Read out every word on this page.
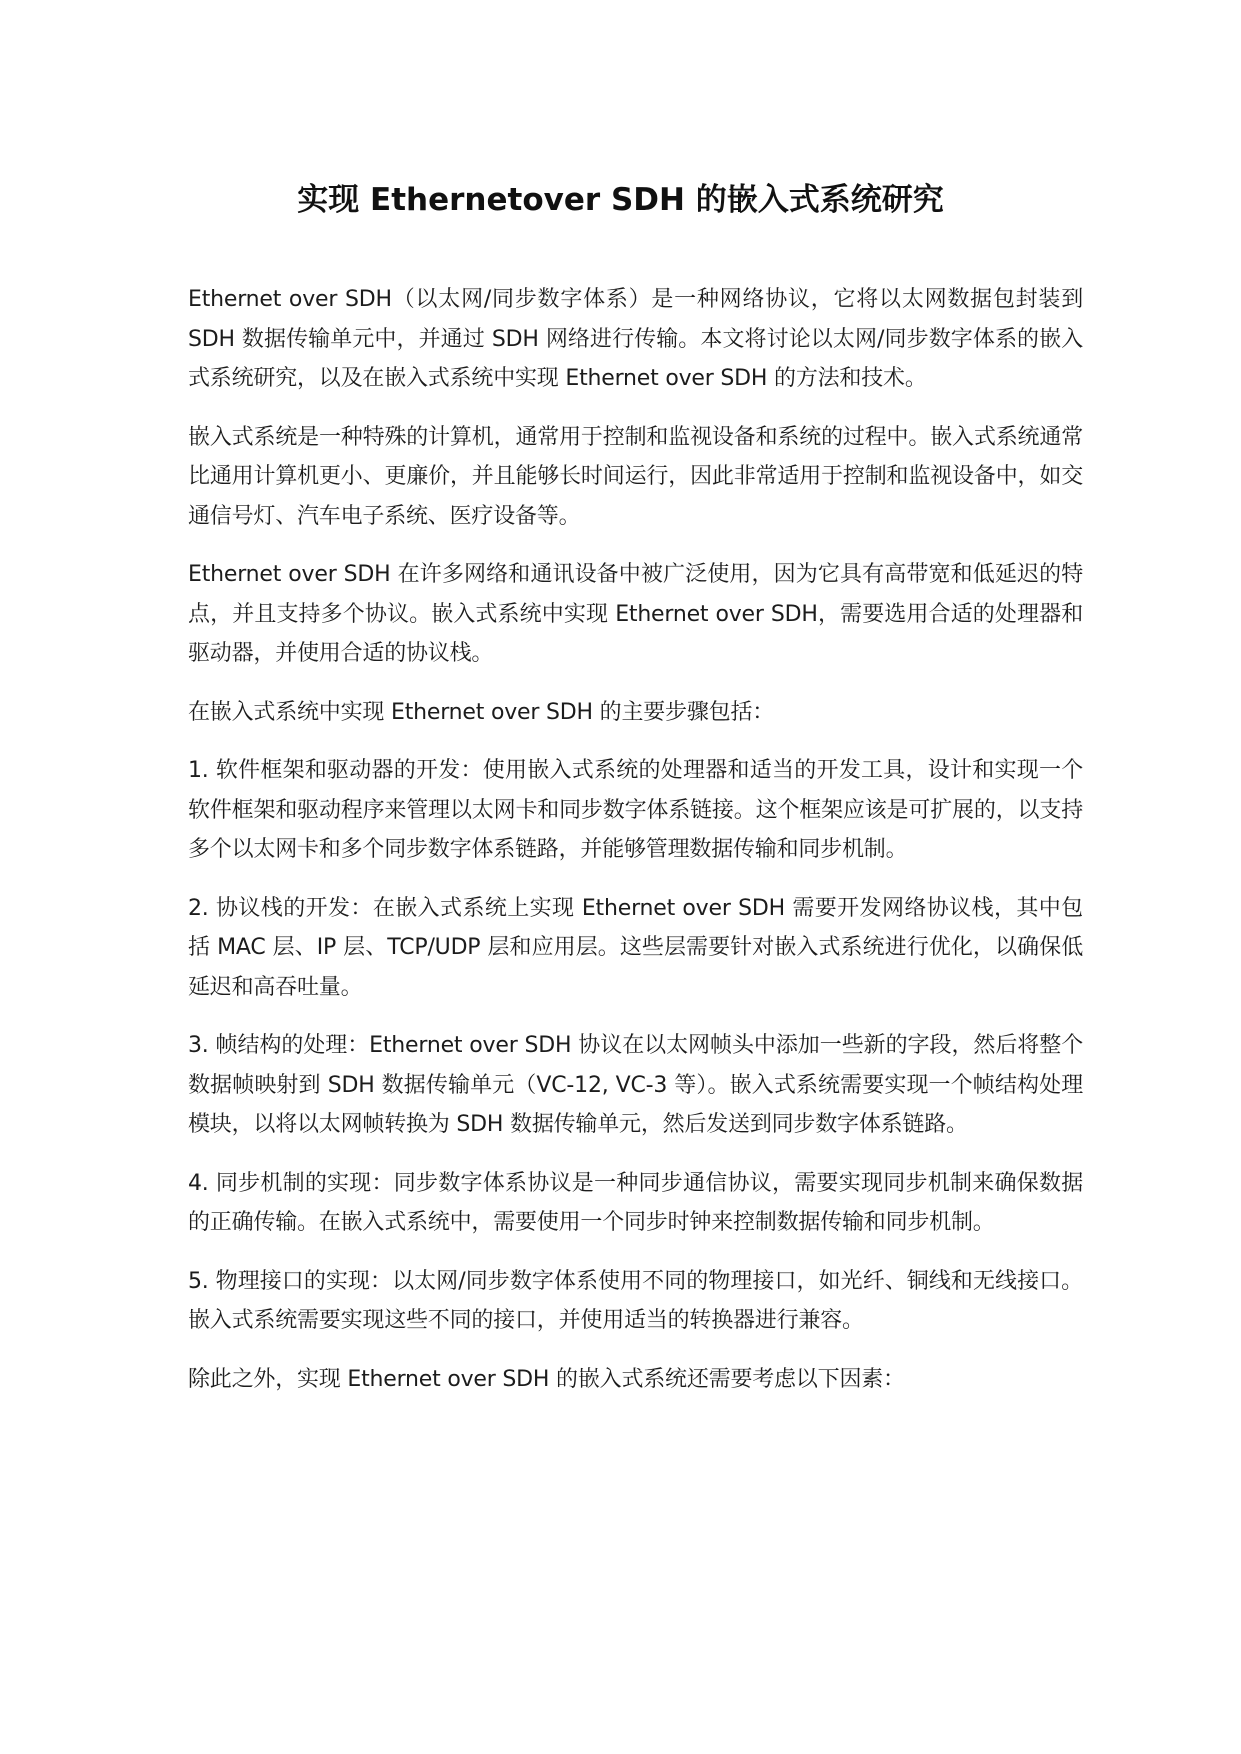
实现 Ethernetover SDH 的嵌入式系统研究

Ethernet over SDH（以太网/同步数字体系）是一种网络协议，它将以太网数据包封装到 SDH 数据传输单元中，并通过 SDH 网络进行传输。本文将讨论以太网/同步数字体系的嵌入式系统研究，以及在嵌入式系统中实现 Ethernet over SDH 的方法和技术。

嵌入式系统是一种特殊的计算机，通常用于控制和监视设备和系统的过程中。嵌入式系统通常比通用计算机更小、更廉价，并且能够长时间运行，因此非常适用于控制和监视设备中，如交通信号灯、汽车电子系统、医疗设备等。

Ethernet over SDH 在许多网络和通讯设备中被广泛使用，因为它具有高带宽和低延迟的特点，并且支持多个协议。嵌入式系统中实现 Ethernet over SDH，需要选用合适的处理器和驱动器，并使用合适的协议栈。

在嵌入式系统中实现 Ethernet over SDH 的主要步骤包括：

1. 软件框架和驱动器的开发：使用嵌入式系统的处理器和适当的开发工具，设计和实现一个软件框架和驱动程序来管理以太网卡和同步数字体系链接。这个框架应该是可扩展的，以支持多个以太网卡和多个同步数字体系链路，并能够管理数据传输和同步机制。

2. 协议栈的开发：在嵌入式系统上实现 Ethernet over SDH 需要开发网络协议栈，其中包括 MAC 层、IP 层、TCP/UDP 层和应用层。这些层需要针对嵌入式系统进行优化，以确保低延迟和高吞吐量。

3. 帧结构的处理：Ethernet over SDH 协议在以太网帧头中添加一些新的字段，然后将整个数据帧映射到 SDH 数据传输单元（VC-12, VC-3 等）。嵌入式系统需要实现一个帧结构处理模块，以将以太网帧转换为 SDH 数据传输单元，然后发送到同步数字体系链路。

4. 同步机制的实现：同步数字体系协议是一种同步通信协议，需要实现同步机制来确保数据的正确传输。在嵌入式系统中，需要使用一个同步时钟来控制数据传输和同步机制。

5. 物理接口的实现：以太网/同步数字体系使用不同的物理接口，如光纤、铜线和无线接口。嵌入式系统需要实现这些不同的接口，并使用适当的转换器进行兼容。

除此之外，实现 Ethernet over SDH 的嵌入式系统还需要考虑以下因素：
